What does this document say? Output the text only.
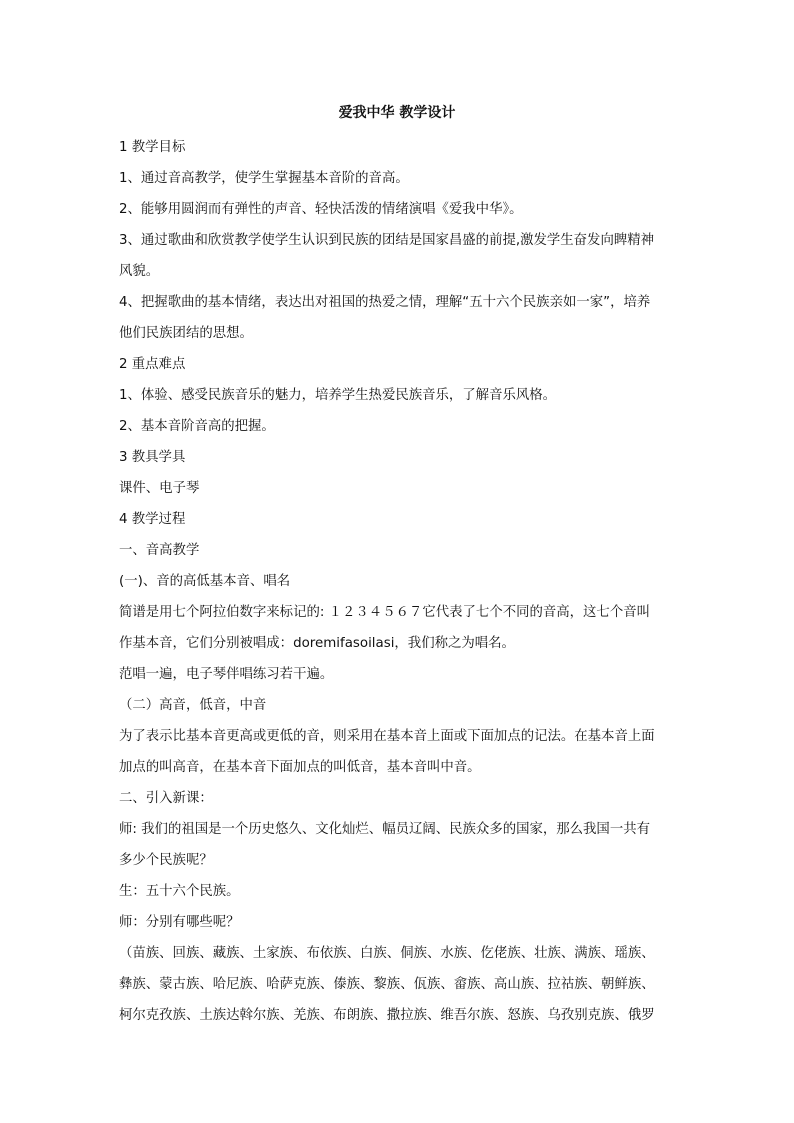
爱我中华 教学设计

1 教学目标

1、通过音高教学，使学生掌握基本音阶的音高。

2、能够用圆润而有弹性的声音、轻快活泼的情绪演唱《爱我中华》。

3、通过歌曲和欣赏教学使学生认识到民族的团结是国家昌盛的前提,激发学生奋发向睥精神

风貌。

4、把握歌曲的基本情绪，表达出对祖国的热爱之情，理解“五十六个民族亲如一家”，培养

他们民族团结的思想。

2 重点难点

1、体验、感受民族音乐的魅力，培养学生热爱民族音乐，了解音乐风格。

2、基本音阶音高的把握。

3 教具学具

课件、电子琴

4 教学过程

一、音高教学

(一)、音的高低基本音、唱名

简谱是用七个阿拉伯数字来标记的: １２３４５６７它代表了七个不同的音高，这七个音叫

作基本音，它们分别被唱成：doremifasoilasi，我们称之为唱名。

范唱一遍，电子琴伴唱练习若干遍。

（二）高音，低音，中音

为了表示比基本音更高或更低的音，则采用在基本音上面或下面加点的记法。在基本音上面

加点的叫高音，在基本音下面加点的叫低音，基本音叫中音。

二、引入新课：

师: 我们的祖国是一个历史悠久、文化灿烂、幅员辽阔、民族众多的国家，那么我国一共有

多少个民族呢？

生：五十六个民族。

师：分别有哪些呢？

（苗族、回族、藏族、土家族、布依族、白族、侗族、水族、仡佬族、壮族、满族、瑶族、

彝族、蒙古族、哈尼族、哈萨克族、傣族、黎族、佤族、畲族、高山族、拉祜族、朝鲜族、

柯尔克孜族、土族达斡尔族、羌族、布朗族、撒拉族、维吾尔族、怒族、乌孜别克族、俄罗
